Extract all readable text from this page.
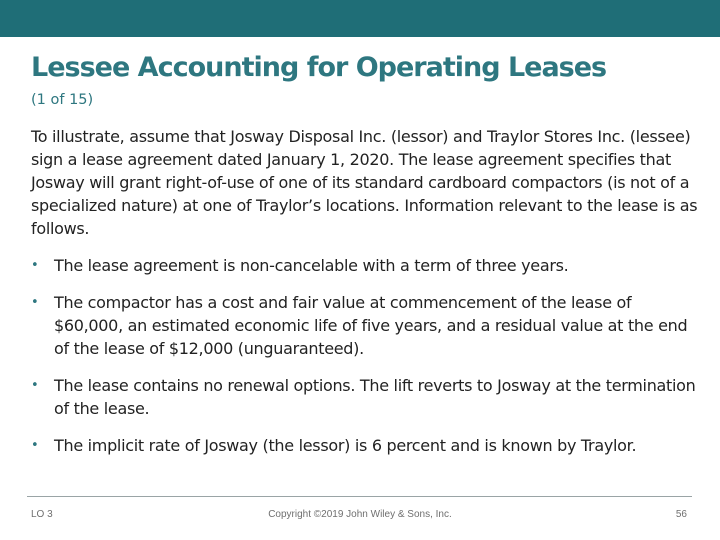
Lessee Accounting for Operating Leases
(1 of 15)

To illustrate, assume that Josway Disposal Inc. (lessor) and Traylor Stores Inc. (lessee) sign a lease agreement dated January 1, 2020. The lease agreement specifies that Josway will grant right-of-use of one of its standard cardboard compactors (is not of a specialized nature) at one of Traylor’s locations. Information relevant to the lease is as follows.

• The lease agreement is non-cancelable with a term of three years.
• The compactor has a cost and fair value at commencement of the lease of $60,000, an estimated economic life of five years, and a residual value at the end of the lease of $12,000 (unguaranteed).
• The lease contains no renewal options. The lift reverts to Josway at the termination of the lease.
• The implicit rate of Josway (the lessor) is 6 percent and is known by Traylor.
LO 3	Copyright ©2019 John Wiley & Sons, Inc.	56
